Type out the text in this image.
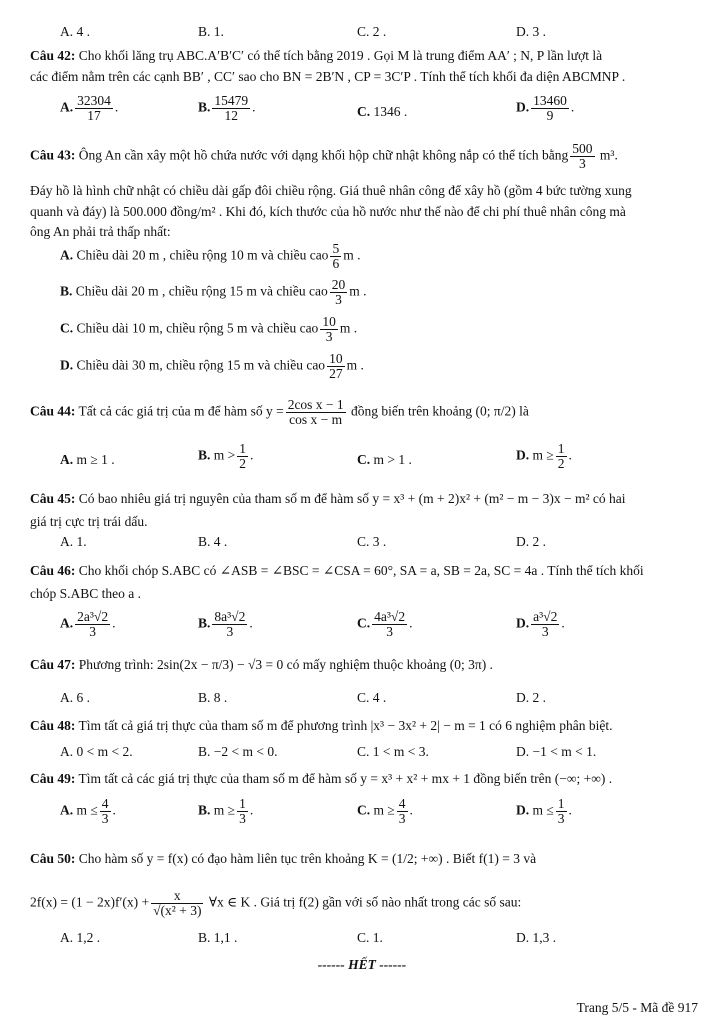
A. 4 .	B. 1.	C. 2 .	D. 3 .
Câu 42: Cho khối lăng trụ ABC.A′B′C′ có thể tích bằng 2019 . Gọi M là trung điểm AA′ ; N, P lần lượt là
các điểm nằm trên các cạnh BB′ , CC′ sao cho BN = 2B′N , CP = 3C′P . Tính thể tích khối đa diện ABCMNP .
A. $\frac{32304}{17}$ .	B. $\frac{15479}{12}$ .	C. 1346 .	D. $\frac{13460}{9}$ .
Câu 43: Ông An cần xây một hồ chứa nước với dạng khối hộp chữ nhật không nắp có thể tích bằng $\frac{500}{3} m^3$.
Đáy hồ là hình chữ nhật có chiều dài gấp đôi chiều rộng. Giá thuê nhân công để xây hồ (gồm 4 bức tường xung
quanh và đáy) là 500.000 đồng/m² . Khi đó, kích thước của hồ nước như thế nào để chi phí thuê nhân công mà
ông An phải trả thấp nhất:
A. Chiều dài 20 m , chiều rộng 10 m và chiều cao $\frac{5}{6}$ m .
B. Chiều dài 20 m , chiều rộng 15 m và chiều cao $\frac{20}{3}$ m .
C. Chiều dài 10 m, chiều rộng 5 m và chiều cao $\frac{10}{3}$ m .
D. Chiều dài 30 m, chiều rộng 15 m và chiều cao $\frac{10}{27}$ m .
Câu 44: Tất cả các giá trị của m để hàm số $y = \frac{\text{2cos x − 1}}{\text{cos x − m}}$ đồng biến trên khoảng (0; π/2) là
A. m ≥ 1 .	B. $m > \frac{1}{2}$ .	C. m > 1 .	D. $m \ge \frac{1}{2}$ .
Câu 45: Có bao nhiêu giá trị nguyên của tham số m để hàm số y = x³ + (m + 2)x² + (m² − m − 3)x − m² có hai
giá trị cực trị trái dấu.
A. 1.	B. 4 .	C. 3 .	D. 2 .
Câu 46: Cho khối chóp S.ABC có ∠ASB = ∠BSC = ∠CSA = 60°, SA = a, SB = 2a, SC = 4a . Tính thể tích khối
chóp S.ABC theo a .
A. $\frac{\text{2a³√2}}{3}$ .	B. $\frac{\text{8a³√2}}{3}$ .	C. $\frac{\text{4a³√2}}{3}$ .	D. $\frac{\text{a³√2}}{3}$ .
Câu 47: Phương trình: 2sin(2x − π/3) − √3 = 0 có mấy nghiệm thuộc khoảng (0; 3π) .
A. 6 .	B. 8 .	C. 4 .	D. 2 .
Câu 48: Tìm tất cả giá trị thực của tham số m để phương trình |x³ − 3x² + 2| − m = 1 có 6 nghiệm phân biệt.
A. 0 < m < 2.	B. −2 < m < 0.	C. 1 < m < 3.	D. −1 < m < 1.
Câu 49: Tìm tất cả các giá trị thực của tham số m để hàm số y = x³ + x² + mx + 1 đồng biến trên (−∞; +∞) .
A. $m \le \frac{4}{3}$ .	B. $m \ge \frac{1}{3}$ .	C. $m \ge \frac{4}{3}$ .	D. $m \le \frac{1}{3}$ .
Câu 50: Cho hàm số y = f(x) có đạo hàm liên tục trên khoảng K = (1/2; +∞) . Biết f(1) = 3 và
$2f(x) = (1 - 2x)f'(x) + \frac{x}{\text{√(x² + 3)}}$ ∀x ∈ K . Giá trị f(2) gần với số nào nhất trong các số sau:
A. 1,2 .	B. 1,1 .	C. 1.	D. 1,3 .
------ HẾT ------
Trang 5/5 - Mã đề 917
